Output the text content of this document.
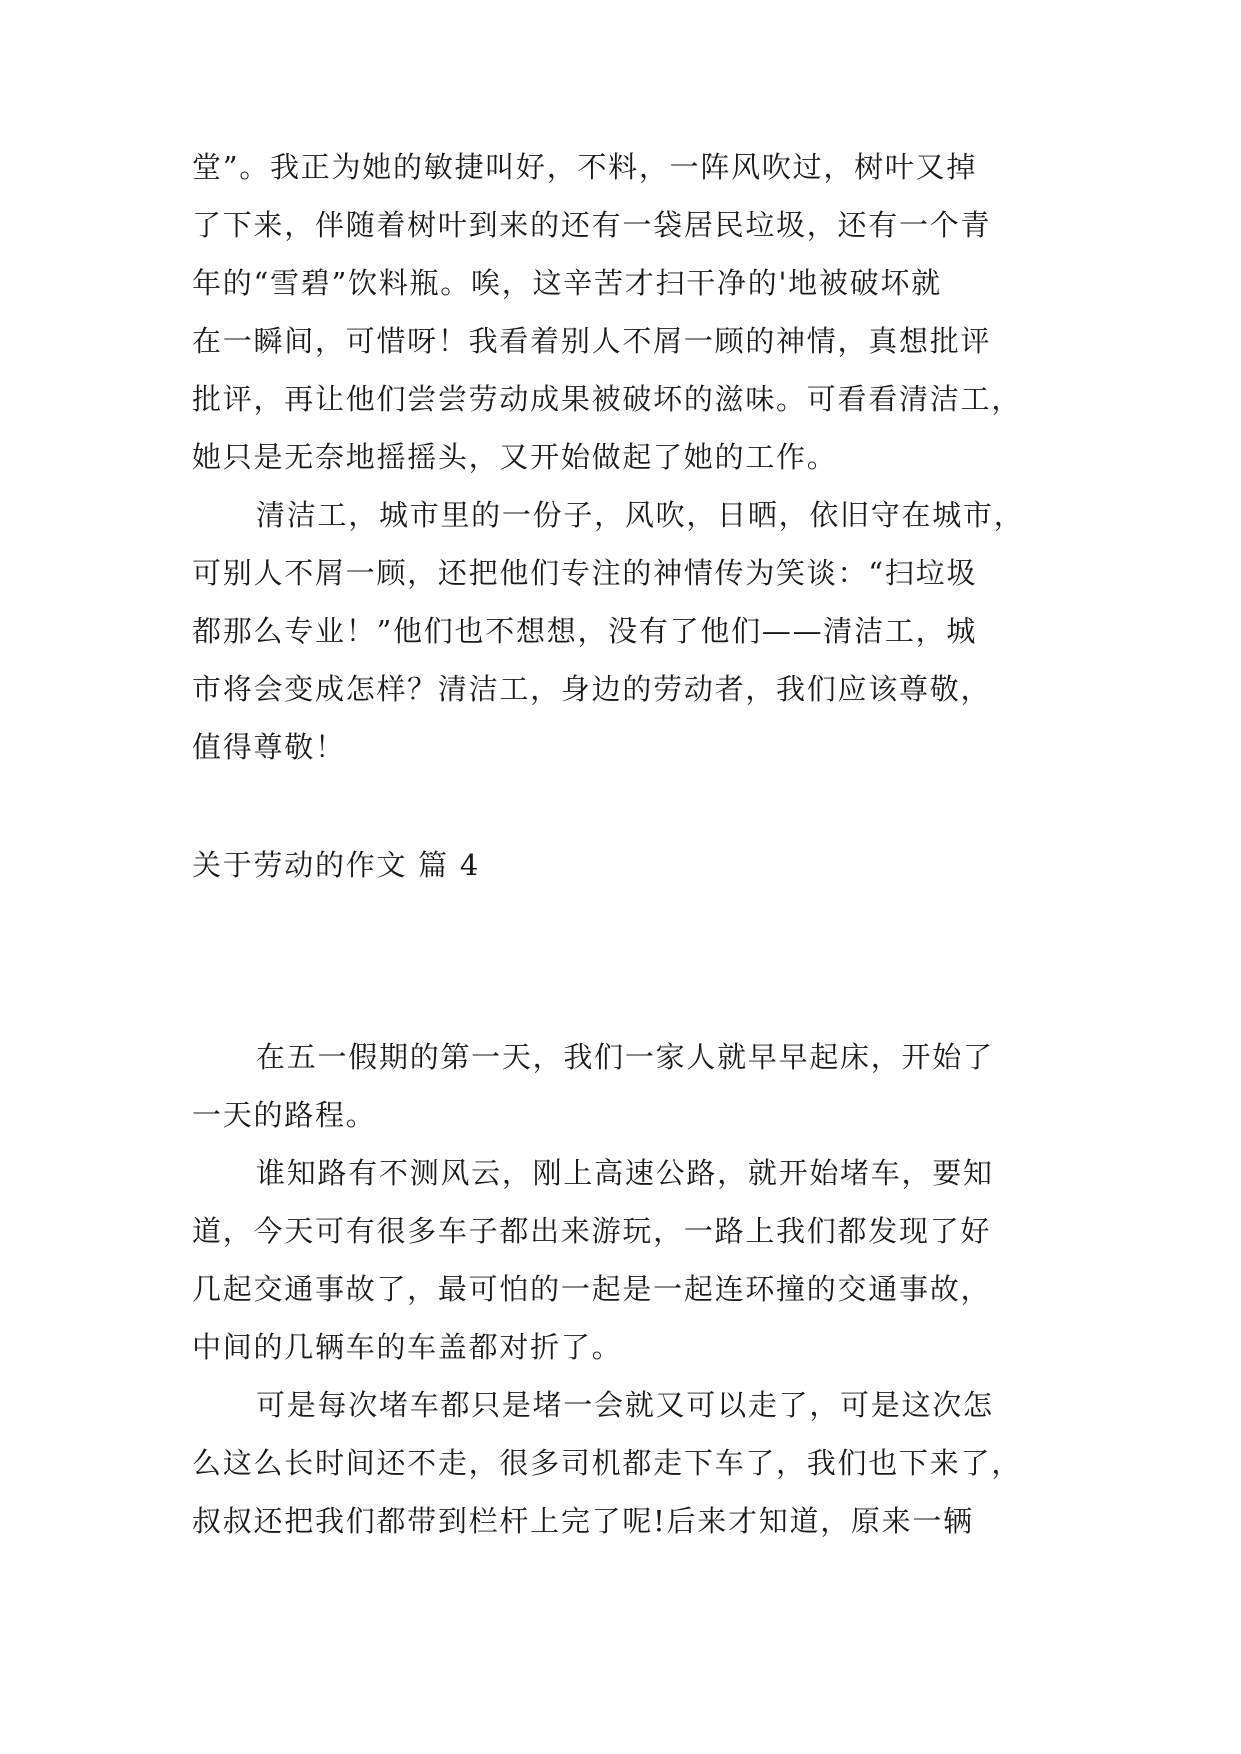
堂”。我正为她的敏捷叫好，不料，一阵风吹过，树叶又掉
了下来，伴随着树叶到来的还有一袋居民垃圾，还有一个青
年的“雪碧”饮料瓶。唉，这辛苦才扫干净的'地被破坏就
在一瞬间，可惜呀！我看着别人不屑一顾的神情，真想批评
批评，再让他们尝尝劳动成果被破坏的滋味。可看看清洁工，
她只是无奈地摇摇头，又开始做起了她的工作。
清洁工，城市里的一份子，风吹，日晒，依旧守在城市，
可别人不屑一顾，还把他们专注的神情传为笑谈：“扫垃圾
都那么专业！”他们也不想想，没有了他们——清洁工，城
市将会变成怎样？清洁工，身边的劳动者，我们应该尊敬，
值得尊敬！
关于劳动的作文 篇 4
在五一假期的第一天，我们一家人就早早起床，开始了
一天的路程。
谁知路有不测风云，刚上高速公路，就开始堵车，要知
道，今天可有很多车子都出来游玩，一路上我们都发现了好
几起交通事故了，最可怕的一起是一起连环撞的交通事故，
中间的几辆车的车盖都对折了。
可是每次堵车都只是堵一会就又可以走了，可是这次怎
么这么长时间还不走，很多司机都走下车了，我们也下来了，
叔叔还把我们都带到栏杆上完了呢!后来才知道，原来一辆
